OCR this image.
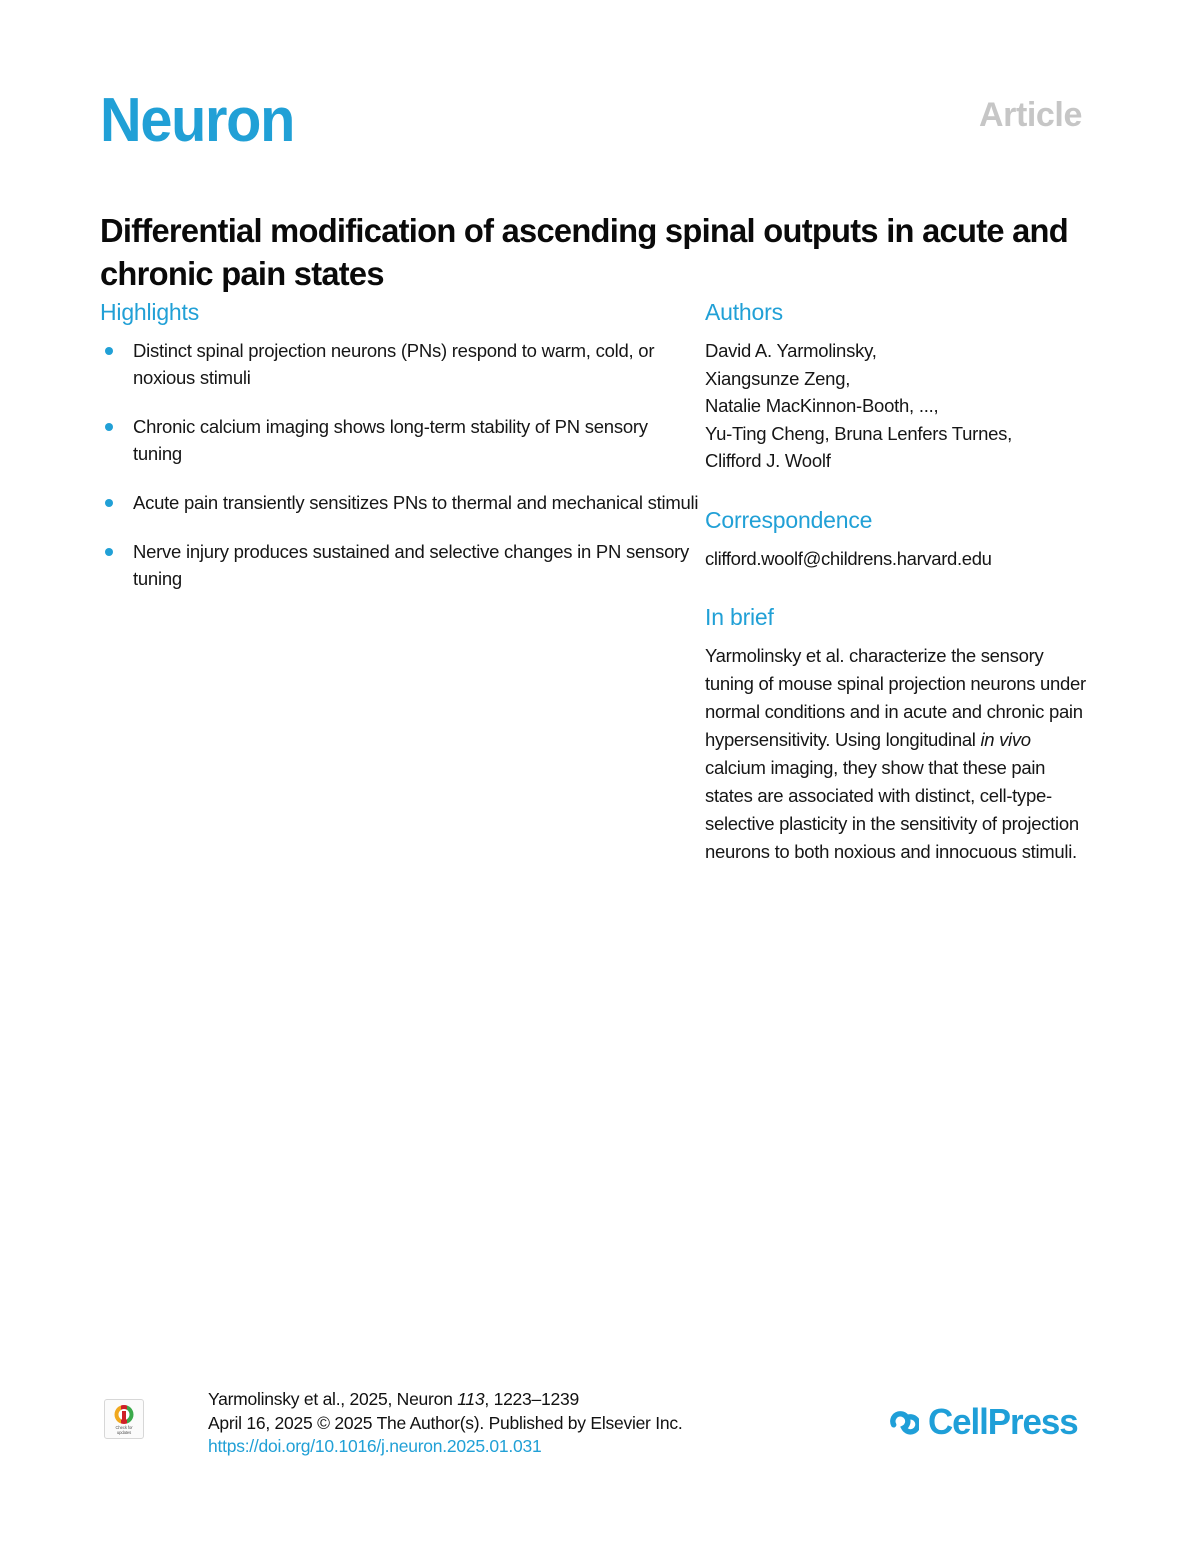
Neuron	Article
Differential modification of ascending spinal outputs in acute and chronic pain states
Highlights
Distinct spinal projection neurons (PNs) respond to warm, cold, or noxious stimuli
Chronic calcium imaging shows long-term stability of PN sensory tuning
Acute pain transiently sensitizes PNs to thermal and mechanical stimuli
Nerve injury produces sustained and selective changes in PN sensory tuning
Authors

David A. Yarmolinsky,
Xiangsunze Zeng,
Natalie MacKinnon-Booth, ...,
Yu-Ting Cheng, Bruna Lenfers Turnes,
Clifford J. Woolf

Correspondence

clifford.woolf@childrens.harvard.edu

In brief

Yarmolinsky et al. characterize the sensory tuning of mouse spinal projection neurons under normal conditions and in acute and chronic pain hypersensitivity. Using longitudinal in vivo calcium imaging, they show that these pain states are associated with distinct, cell-type-selective plasticity in the sensitivity of projection neurons to both noxious and innocuous stimuli.

Check for
updates
Yarmolinsky et al., 2025, Neuron 113, 1223–1239
April 16, 2025 © 2025 The Author(s). Published by Elsevier Inc.
https://doi.org/10.1016/j.neuron.2025.01.031
CellPress
